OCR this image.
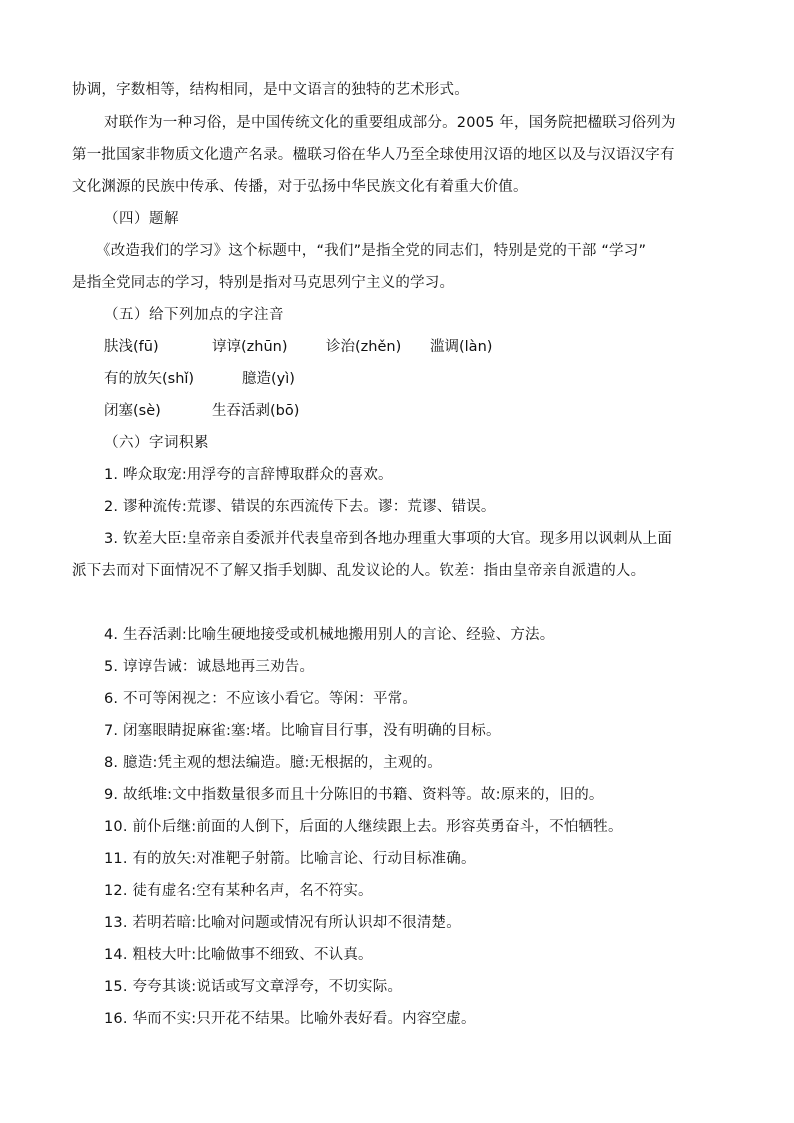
协调，字数相等，结构相同，是中文语言的独特的艺术形式。
对联作为一种习俗，是中国传统文化的重要组成部分。2005 年，国务院把楹联习俗列为
第一批国家非物质文化遗产名录。楹联习俗在华人乃至全球使用汉语的地区以及与汉语汉字有
文化渊源的民族中传承、传播，对于弘扬中华民族文化有着重大价值。
（四）题解
《改造我们的学习》这个标题中，“我们”是指全党的同志们，特别是党的干部 “学习”
是指全党同志的学习，特别是指对马克思列宁主义的学习。
（五）给下列加点的字注音
肤浅(fū)	谆谆(zhūn)	诊治(zhěn) 滥调(làn)
有的放矢(shǐ)	臆造(yì)
闭塞(sè)	生吞活剥(bō)
（六）字词积累
1. 哗众取宠:用浮夸的言辞博取群众的喜欢。
2. 谬种流传:荒谬、错误的东西流传下去。谬：荒谬、错误。
3. 钦差大臣:皇帝亲自委派并代表皇帝到各地办理重大事项的大官。现多用以讽刺从上面
派下去而对下面情况不了解又指手划脚、乱发议论的人。钦差：指由皇帝亲自派遣的人。
4. 生吞活剥:比喻生硬地接受或机械地搬用别人的言论、经验、方法。
5. 谆谆告诫：诚恳地再三劝告。
6. 不可等闲视之：不应该小看它。等闲：平常。
7. 闭塞眼睛捉麻雀:塞:堵。比喻盲目行事，没有明确的目标。
8. 臆造:凭主观的想法编造。臆:无根据的，主观的。
9. 故纸堆:文中指数量很多而且十分陈旧的书籍、资料等。故:原来的，旧的。
10. 前仆后继:前面的人倒下，后面的人继续跟上去。形容英勇奋斗，不怕牺牲。
11. 有的放矢:对准靶子射箭。比喻言论、行动目标准确。
12. 徒有虚名:空有某种名声，名不符实。
13. 若明若暗:比喻对问题或情况有所认识却不很清楚。
14. 粗枝大叶:比喻做事不细致、不认真。
15. 夸夸其谈:说话或写文章浮夸，不切实际。
16. 华而不实:只开花不结果。比喻外表好看。内容空虚。
